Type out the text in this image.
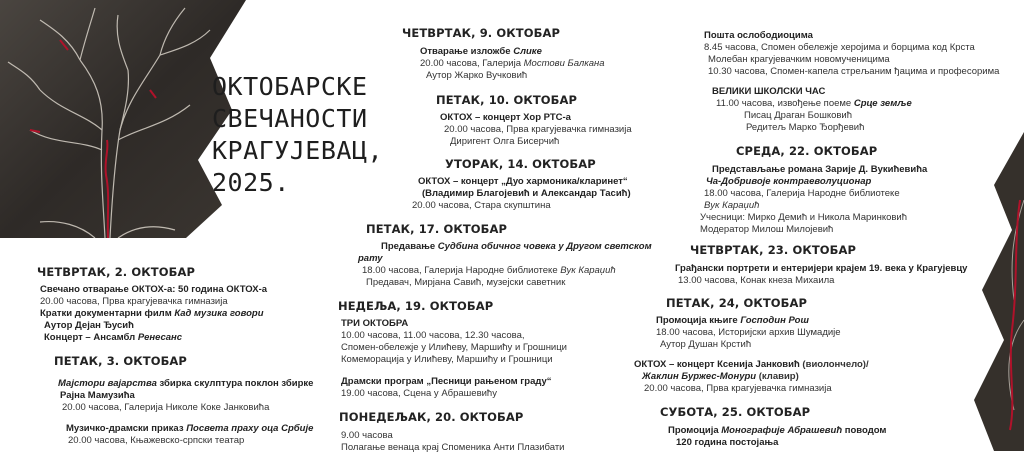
ОКТОБАРСКЕ
СВЕЧАНОСТИ
КРАГУЈЕВАЦ,
2025.
ЧЕТВРТАК, 2. ОКТОБАР
Свечано отварање ОКТОХ-а: 50 година ОКТОХ-а
20.00 часова, Прва крагујевачка гимназија
Кратки документарни филм Кад музика говори
Аутор Дејан Ђусић
Концерт – Ансамбл Ренесанс
ПЕТАК, 3. ОКТОБАР
Мајстори вајарства збирка скулптура поклон збирке
Рајна Мамузића
20.00 часова, Галерија Николе Коке Јанковића
Музичко-драмски приказ Посвета праху оца Србије
20.00 часова, Књажевско-српски театар
ЧЕТВРТАК, 9. ОКТОБАР
Отварање изложбе Слике
20.00 часова, Галерија Мостови Балкана
Аутор Жарко Вучковић
ПЕТАК, 10. ОКТОБАР
ОКТОХ – концерт Хор РТС-а
20.00 часова, Прва крагујевачка гимназија
Диригент Олга Бисерчић
УТОРАК, 14. ОКТОБАР
ОКТОХ – концерт „Дуо хармоника/кларинет“
(Владимир Благојевић и Александар Тасић)
20.00 часова, Стара скупштина
ПЕТАК, 17. ОКТОБАР
Предавање Судбина обичног човека у Другом светском
рату
18.00 часова, Галерија Народне библиотеке Вук Караџић
Предавач, Мирјана Савић, музејски саветник
НЕДЕЉА, 19. ОКТОБАР
ТРИ ОКТОБРА
10.00 часова, 11.00 часова, 12.30 часова,
Спомен-обележје у Илићеву, Маршићу и Грошници
Комеморација у Илићеву, Маршићу и Грошници
Драмски програм „Песници рањеном граду“
19.00 часова, Сцена у Абрашевићу
ПОНЕДЕЉАК, 20. ОКТОБАР
9.00 часова
Полагање венаца крај Споменика Анти Плазибати
Пошта ослободиоцима
8.45 часова, Спомен обележје херојима и борцима код Крста
Молебан крагујевачким новомученицима
10.30 часова, Спомен-капела стрељаним ђацима и професорима
ВЕЛИКИ ШКОЛСКИ ЧАС
11.00 часова, извођење поеме Срце земље
Писац Драган Бошковић
Редитељ Марко Ђорђевић
СРЕДА, 22. ОКТОБАР
Представљање романа Зарије Д. Вукићевића
Ча-Добривоје контраеволуционар
18.00 часова, Галерија Народне библиотеке
Вук Караџић
Учесници: Мирко Демић и Никола Маринковић
Модератор Милош Милојевић
ЧЕТВРТАК, 23. ОКТОБАР
Грађански портрети и ентеријери крајем 19. века у Крагујевцу
13.00 часова, Конак кнеза Михаила
ПЕТАК, 24, ОКТОБАР
Промоција књиге Господин Рош
18.00 часова, Историјски архив Шумадије
Аутор Душан Крстић
ОКТОХ – концерт Ксенија Јанковић (виолончело)/
Жаклин Буржес-Монури (клавир)
20.00 часова, Прва крагујевачка гимназија
СУБОТА, 25. ОКТОБАР
Промоција Монографије Абрашевић поводом
120 година постојања
